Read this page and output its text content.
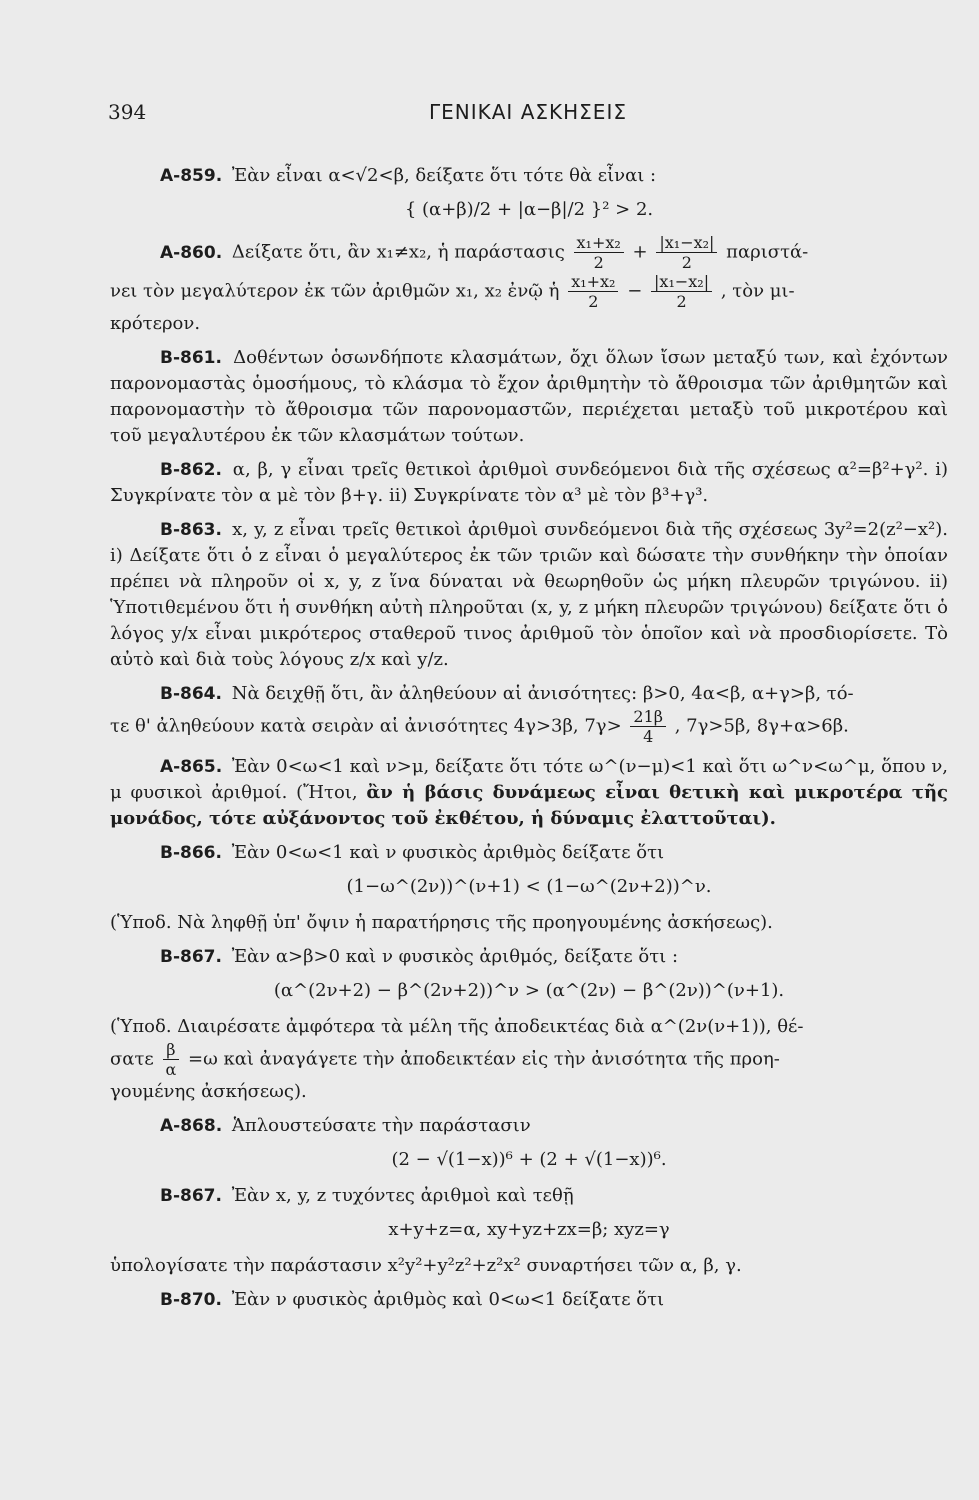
394	ΓΕΝΙΚΑΙ ΑΣΚΗΣΕΙΣ
Α-859. Ἐὰν εἶναι α<√2<β, δείξατε ὅτι τότε θὰ εἶναι :
{ (α+β)/2 + |α−β|/2 }² > 2.
Α-860. Δείξατε ὅτι, ἂν x₁≠x₂, ἡ παράστασις $\frac{\text{x₁+x₂}}{2} + \frac{\text{|x₁−x₂|}}{2} \pi\alpha\rho\iota\sigma\tau ά-$
νει τὸν μεγαλύτερον ἐκ τῶν ἀριθμῶν x₁, x₂ ἐνῷ ἡ $\frac{\text{x₁+x₂}}{2} - \frac{\text{|x₁−x₂|}}{2}$ , τὸν μι-
κρότερον.
Β-861. Δοθέντων ὁσωνδήποτε κλασμάτων, ὄχι ὅλων ἴσων μεταξύ των, καὶ ἐχόντων παρονομαστὰς ὁμοσήμους, τὸ κλάσμα τὸ ἔχον ἀριθμητὴν τὸ ἄθροισμα τῶν ἀριθμητῶν καὶ παρονομαστὴν τὸ ἄθροισμα τῶν παρονομαστῶν, περιέχεται μεταξὺ τοῦ μικροτέρου καὶ τοῦ μεγαλυτέρου ἐκ τῶν κλασμάτων τούτων.
Β-862. α, β, γ εἶναι τρεῖς θετικοὶ ἀριθμοὶ συνδεόμενοι διὰ τῆς σχέσεως α²=β²+γ². i) Συγκρίνατε τὸν α μὲ τὸν β+γ. ii) Συγκρίνατε τὸν α³ μὲ τὸν β³+γ³.
Β-863. x, y, z εἶναι τρεῖς θετικοὶ ἀριθμοὶ συνδεόμενοι διὰ τῆς σχέσεως 3y²=2(z²−x²). i) Δείξατε ὅτι ὁ z εἶναι ὁ μεγαλύτερος ἐκ τῶν τριῶν καὶ δώσατε τὴν συνθήκην τὴν ὁποίαν πρέπει νὰ πληροῦν οἱ x, y, z ἵνα δύναται νὰ θεωρηθοῦν ὡς μήκη πλευρῶν τριγώνου. ii) Ὑποτιθεμένου ὅτι ἡ συνθήκη αὐτὴ πληροῦται (x, y, z μήκη πλευρῶν τριγώνου) δείξατε ὅτι ὁ λόγος y/x εἶναι μικρότερος σταθεροῦ τινος ἀριθμοῦ τὸν ὁποῖον καὶ νὰ προσδιορίσετε. Τὸ αὐτὸ καὶ διὰ τοὺς λόγους z/x καὶ y/z.
Β-864. Νὰ δειχθῇ ὅτι, ἂν ἀληθεύουν αἱ ἀνισότητες: β>0, 4α<β, α+γ>β, τό-
τε θ' ἀληθεύουν κατὰ σειρὰν αἱ ἀνισότητες 4γ>3β, $7\gamma> \frac{21\beta}{4}$ , 7γ>5β, 8γ+α>6β.
Α-865. Ἐὰν 0<ω<1 καὶ ν>μ, δείξατε ὅτι τότε ω^(ν−μ)<1 καὶ ὅτι ω^ν<ω^μ, ὅπου ν, μ φυσικοὶ ἀριθμοί. (Ἤτοι, ἂν ἡ βάσις δυνάμεως εἶναι θετικὴ καὶ μικροτέρα τῆς μονάδος, τότε αὐξάνοντος τοῦ ἐκθέτου, ἡ δύναμις ἐλαττοῦται).
Β-866. Ἐὰν 0<ω<1 καὶ ν φυσικὸς ἀριθμὸς δείξατε ὅτι
(1−ω^(2ν))^(ν+1) < (1−ω^(2ν+2))^ν.
(Ὑποδ. Νὰ ληφθῇ ὑπ' ὄψιν ἡ παρατήρησις τῆς προηγουμένης ἀσκήσεως).
Β-867. Ἐὰν α>β>0 καὶ ν φυσικὸς ἀριθμός, δείξατε ὅτι :
(α^(2ν+2) − β^(2ν+2))^ν > (α^(2ν) − β^(2ν))^(ν+1).
(Ὑποδ. Διαιρέσατε ἀμφότερα τὰ μέλη τῆς ἀποδεικτέας διὰ α^(2ν(ν+1)), θέ-
σατε $\frac{\beta}{\alpha} =\omega$ καὶ ἀναγάγετε τὴν ἀποδεικτέαν εἰς τὴν ἀνισότητα τῆς προη-
γουμένης ἀσκήσεως).
Α-868. Ἁπλουστεύσατε τὴν παράστασιν
(2 − √(1−x))⁶ + (2 + √(1−x))⁶.
Β-867. Ἐὰν x, y, z τυχόντες ἀριθμοὶ καὶ τεθῇ
x+y+z=α, xy+yz+zx=β; xyz=γ
ὑπολογίσατε τὴν παράστασιν x²y²+y²z²+z²x² συναρτήσει τῶν α, β, γ.
Β-870. Ἐὰν ν φυσικὸς ἀριθμὸς καὶ 0<ω<1 δείξατε ὅτι
